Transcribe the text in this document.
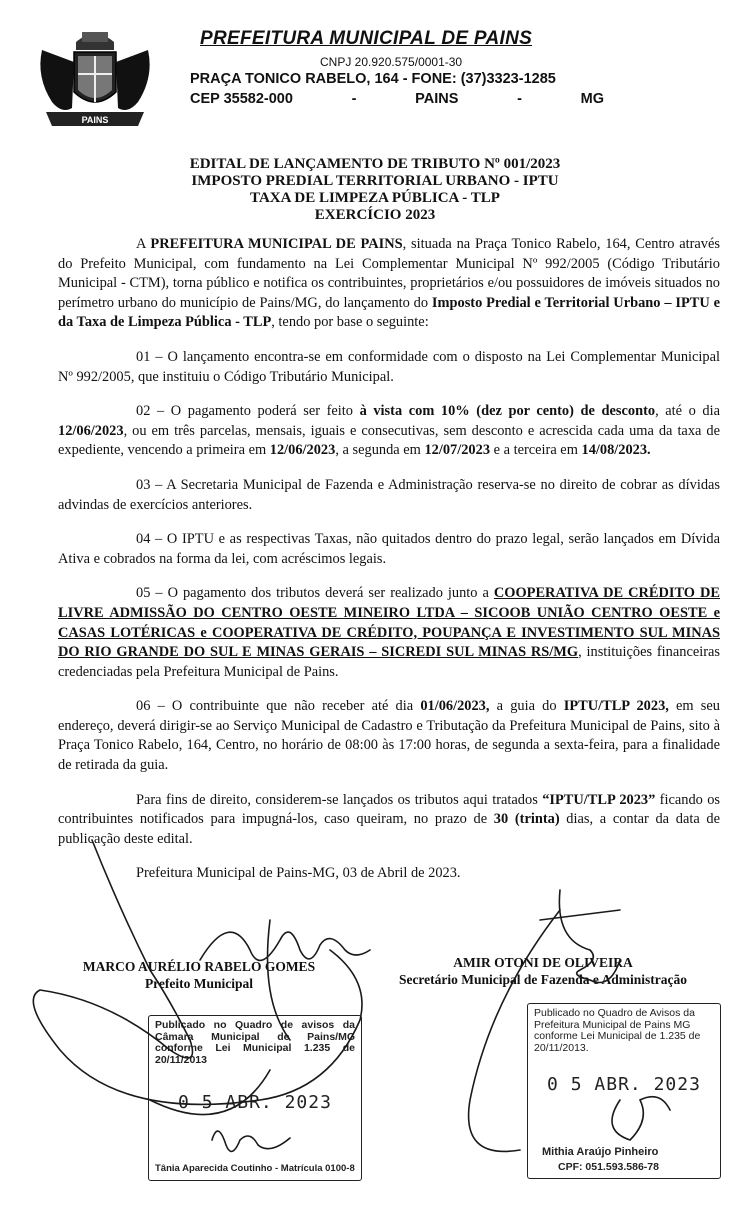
PAINS
PREFEITURA MUNICIPAL DE PAINS
CNPJ 20.920.575/0001-30
PRAÇA TONICO RABELO, 164 - FONE: (37)3323-1285
CEP 35582-000	-	PAINS	-	MG
EDITAL DE LANÇAMENTO DE TRIBUTO Nº 001/2023
IMPOSTO PREDIAL TERRITORIAL URBANO - IPTU
TAXA DE LIMPEZA PÚBLICA - TLP
EXERCÍCIO 2023

A PREFEITURA MUNICIPAL DE PAINS, situada na Praça Tonico Rabelo, 164, Centro através do Prefeito Municipal, com fundamento na Lei Complementar Municipal Nº 992/2005 (Código Tributário Municipal - CTM), torna público e notifica os contribuintes, proprietários e/ou possuidores de imóveis situados no perímetro urbano do município de Pains/MG, do lançamento do Imposto Predial e Territorial Urbano – IPTU e da Taxa de Limpeza Pública - TLP, tendo por base o seguinte:

01 – O lançamento encontra-se em conformidade com o disposto na Lei Complementar Municipal Nº 992/2005, que instituiu o Código Tributário Municipal.

02 – O pagamento poderá ser feito à vista com 10% (dez por cento) de desconto, até o dia 12/06/2023, ou em três parcelas, mensais, iguais e consecutivas, sem desconto e acrescida cada uma da taxa de expediente, vencendo a primeira em 12/06/2023, a segunda em 12/07/2023 e a terceira em 14/08/2023.

03 – A Secretaria Municipal de Fazenda e Administração reserva-se no direito de cobrar as dívidas advindas de exercícios anteriores.

04 – O IPTU e as respectivas Taxas, não quitados dentro do prazo legal, serão lançados em Dívida Ativa e cobrados na forma da lei, com acréscimos legais.

05 – O pagamento dos tributos deverá ser realizado junto a COOPERATIVA DE CRÉDITO DE LIVRE ADMISSÃO DO CENTRO OESTE MINEIRO LTDA – SICOOB UNIÃO CENTRO OESTE e CASAS LOTÉRICAS e COOPERATIVA DE CRÉDITO, POUPANÇA E INVESTIMENTO SUL MINAS DO RIO GRANDE DO SUL E MINAS GERAIS – SICREDI SUL MINAS RS/MG, instituições financeiras credenciadas pela Prefeitura Municipal de Pains.

06 – O contribuinte que não receber até dia 01/06/2023, a guia do IPTU/TLP 2023, em seu endereço, deverá dirigir-se ao Serviço Municipal de Cadastro e Tributação da Prefeitura Municipal de Pains, sito à Praça Tonico Rabelo, 164, Centro, no horário de 08:00 às 17:00 horas, de segunda a sexta-feira, para a finalidade de retirada da guia.

Para fins de direito, considerem-se lançados os tributos aqui tratados “IPTU/TLP 2023” ficando os contribuintes notificados para impugná-los, caso queiram, no prazo de 30 (trinta) dias, a contar da data de publicação deste edital.

Prefeitura Municipal de Pains-MG, 03 de Abril de 2023.

MARCO AURÉLIO RABELO GOMES
Prefeito Municipal
AMIR OTONI DE OLIVEIRA
Secretário Municipal de Fazenda e Administração
Publicado no Quadro de avisos da Câmara Municipal de Pains/MG conforme Lei Municipal 1.235 de 20/11/2013
0 5 ABR. 2023
Tânia Aparecida Coutinho - Matrícula 0100-8
Publicado no Quadro de Avisos da Prefeitura Municipal de Pains MG conforme Lei Municipal de 1.235 de 20/11/2013.
0 5 ABR. 2023
Mithia Araújo Pinheiro
CPF: 051.593.586-78
